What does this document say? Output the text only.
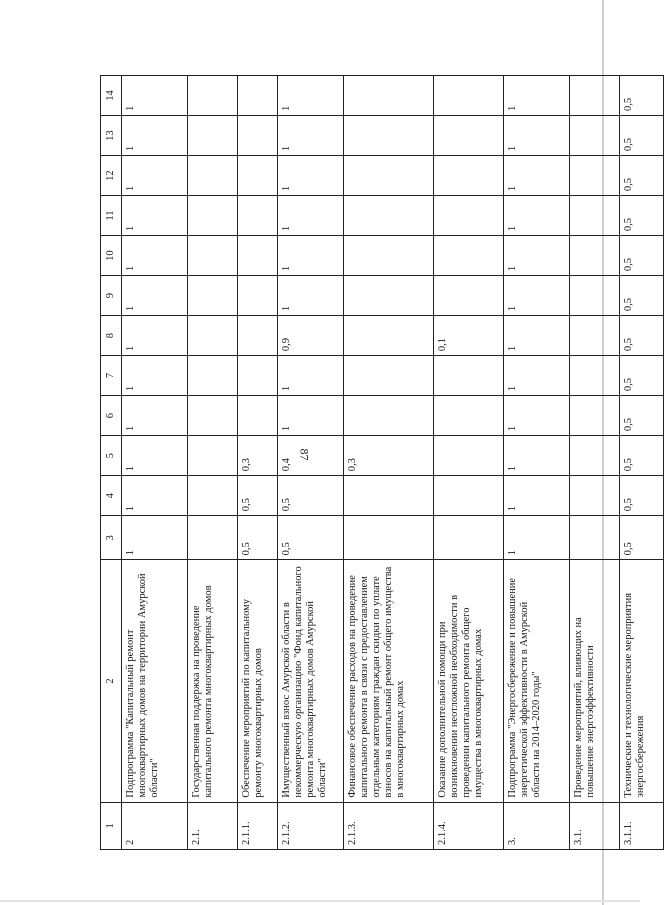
87
1	2	3	4	5	6	7	8	9	10	11	12	13	14
2	Подпрограмма "Капитальный ремонт многоквартирных домов на территории Амурской области"	1	1	1	1	1	1	1	1	1	1	1	1
2.1.	Государственная поддержка на проведение капитального ремонта многоквартирных домов												
2.1.1.	Обеспечение мероприятий по капитальному ремонту многоквартирных домов	0,5	0,5	0,3									
2.1.2.	Имущественный взнос Амурской области в некоммерческую организацию "Фонд капитального ремонта многоквартирных домов Амурской области"	0,5	0,5	0,4	1	1	0,9	1	1	1	1	1	1
2.1.3.	Финансовое обеспечение расходов на проведение капитального ремонта в связи с предоставлением отдельным категориям граждан скидки по уплате взносов на капитальный ремонт общего имущества в многоквартирных домах			0,3									
2.1.4.	Оказание дополнительной помощи при возникновении неотложной необходимости в проведении капитального ремонта общего имущества в многоквартирных домах						0,1						
3.	Подпрограмма "Энергосбережение и повышение энергетической эффективности в Амурской области на 2014–2020 годы"	1	1	1	1	1	1	1	1	1	1	1	1
3.1.	Проведение мероприятий, влияющих на повышение энергоэффективности												
3.1.1.	Технические и технологические мероприятия энергосбережения	0,5	0,5	0,5	0,5	0,5	0,5	0,5	0,5	0,5	0,5	0,5	0,5
